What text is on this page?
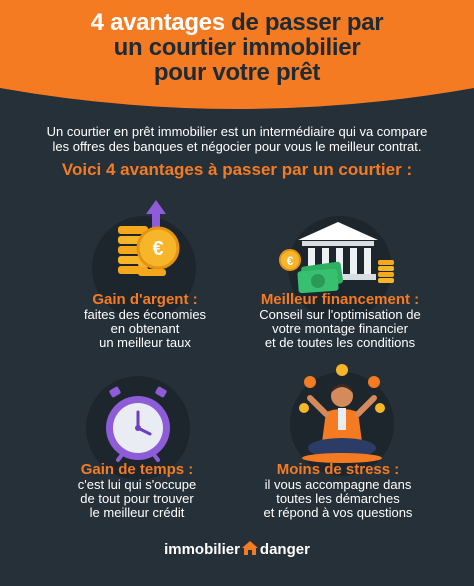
4 avantages de passer par
un courtier immobilier
pour votre prêt
Un courtier en prêt immobilier est un intermédiaire qui va compare
les offres des banques et négocier pour vous le meilleur contrat.
Voici 4 avantages à passer par un courtier :
€
Gain d'argent :
faites des économies
en obtenant
un meilleur taux
€
Meilleur financement :
Conseil sur l'optimisation de
votre montage financier
et de toutes les conditions
Gain de temps :
c'est lui qui s'occupe
de tout pour trouver
le meilleur crédit
Moins de stress :
il vous accompagne dans
toutes les démarches
et répond à vos questions
immobilier danger
